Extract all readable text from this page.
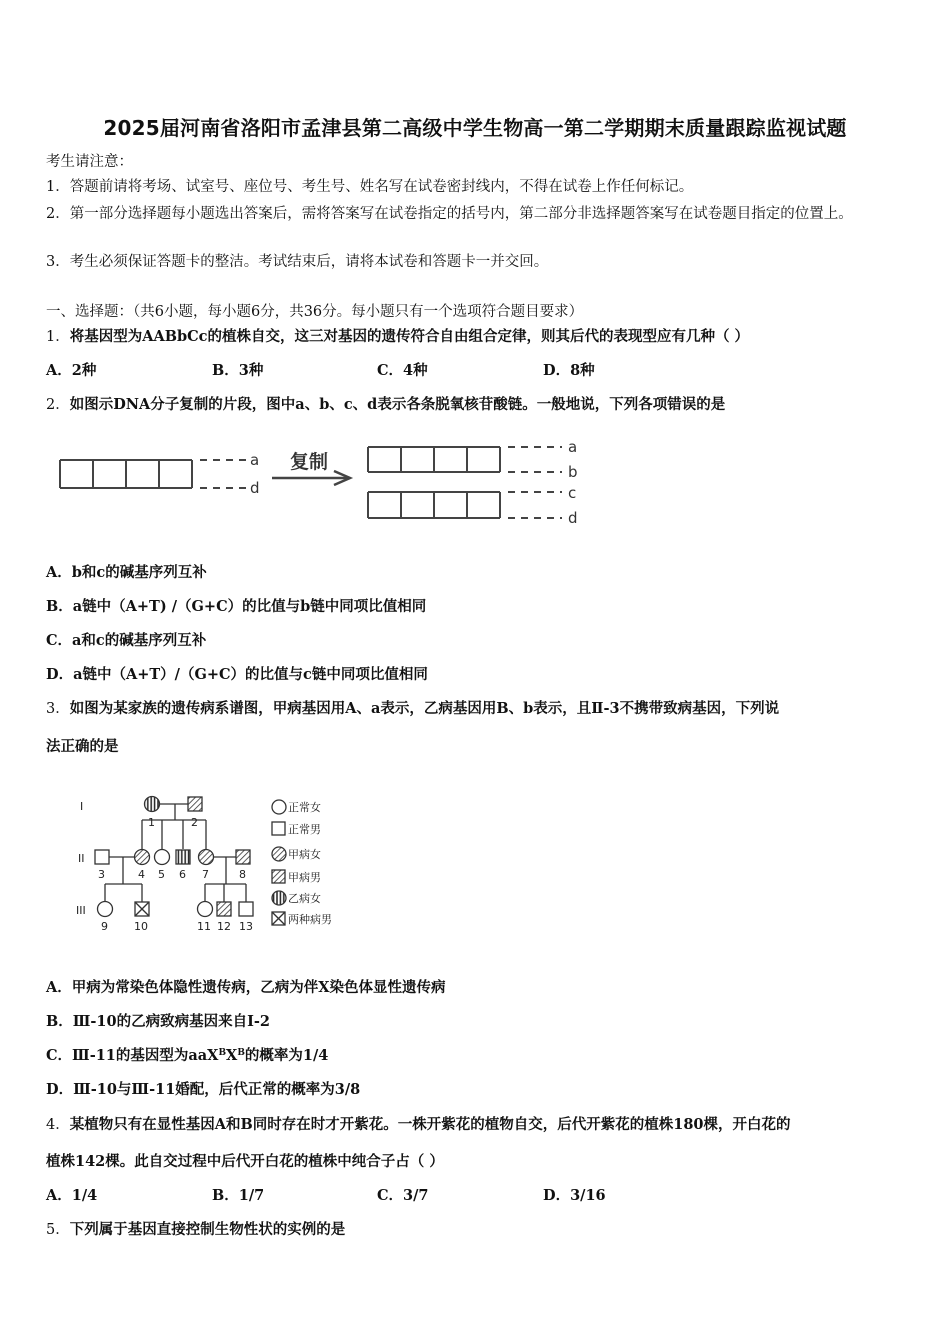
2025届河南省洛阳市孟津县第二高级中学生物高一第二学期期末质量跟踪监视试题
考生请注意：
1．答题前请将考场、试室号、座位号、考生号、姓名写在试卷密封线内，不得在试卷上作任何标记。
2．第一部分选择题每小题选出答案后，需将答案写在试卷指定的括号内，第二部分非选择题答案写在试卷题目指定的位置上。
3．考生必须保证答题卡的整洁。考试结束后，请将本试卷和答题卡一并交回。
一、选择题：（共6小题，每小题6分，共36分。每小题只有一个选项符合题目要求）
1．将基因型为AABbCc的植株自交，这三对基因的遗传符合自由组合定律，则其后代的表现型应有几种（ ）
A．2种	B．3种	C．4种	D．8种
2．如图示DNA分子复制的片段，图中a、b、c、d表示各条脱氧核苷酸链。一般地说，下列各项错误的是
a
d
复制
a
b
c
d
A．b和c的碱基序列互补
B．a链中（A+T) /（G+C）的比值与b链中同项比值相同
C．a和c的碱基序列互补
D．a链中（A+T）/（G+C）的比值与c链中同项比值相同
3．如图为某家族的遗传病系谱图，甲病基因用A、a表示，乙病基因用B、b表示，且Ⅱ-3不携带致病基因，下列说
法正确的是
I
II
III
1	2
3	4 5 6 7	8
9 10	11 12 13
正常女
正常男
甲病女
甲病男
乙病女
两种病男
A．甲病为常染色体隐性遗传病，乙病为伴X染色体显性遗传病
B．Ⅲ-10的乙病致病基因来自I-2
C．Ⅲ-11的基因型为$aaX^BX^B$的概率为1/4
D．Ⅲ-10与Ⅲ-11婚配，后代正常的概率为3/8
4．某植物只有在显性基因A和B同时存在时才开紫花。一株开紫花的植物自交，后代开紫花的植株180棵，开白花的
植株142棵。此自交过程中后代开白花的植株中纯合子占（ ）
A．1/4	B．1/7	C．3/7	D．3/16
5．下列属于基因直接控制生物性状的实例的是
